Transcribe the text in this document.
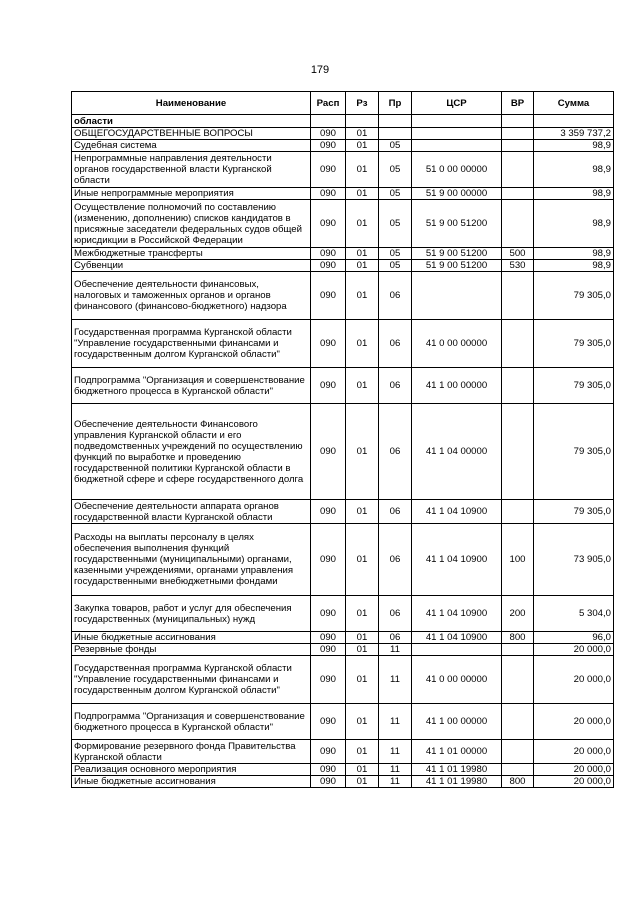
179
Наименование	Расп	Рз	Пр	ЦСР	ВР	Сумма
области						
ОБЩЕГОСУДАРСТВЕННЫЕ ВОПРОСЫ	090	01				3 359 737,2
Судебная система	090	01	05			98,9
Непрограммные направления деятельности органов государственной власти Курганской области	090	01	05	51 0 00 00000		98,9
Иные непрограммные мероприятия	090	01	05	51 9 00 00000		98,9
Осуществление полномочий по составлению (изменению, дополнению) списков кандидатов в присяжные заседатели федеральных судов общей юрисдикции в Российской Федерации	090	01	05	51 9 00 51200		98,9
Межбюджетные трансферты	090	01	05	51 9 00 51200	500	98,9
Субвенции	090	01	05	51 9 00 51200	530	98,9
Обеспечение деятельности финансовых, налоговых и таможенных органов и органов финансового (финансово-бюджетного) надзора	090	01	06			79 305,0
Государственная программа Курганской области "Управление государственными финансами и государственным долгом Курганской области"	090	01	06	41 0 00 00000		79 305,0
Подпрограмма "Организация и совершенствование бюджетного процесса в Курганской области"	090	01	06	41 1 00 00000		79 305,0
Обеспечение деятельности Финансового управления Курганской области и его подведомственных учреждений по осуществлению функций по выработке и проведению государственной политики Курганской области в бюджетной сфере и сфере государственного долга	090	01	06	41 1 04 00000		79 305,0
Обеспечение деятельности аппарата органов государственной власти Курганской области	090	01	06	41 1 04 10900		79 305,0
Расходы на выплаты персоналу в целях обеспечения выполнения функций государственными (муниципальными) органами, казенными учреждениями, органами управления государственными внебюджетными фондами	090	01	06	41 1 04 10900	100	73 905,0
Закупка товаров, работ и услуг для обеспечения государственных (муниципальных) нужд	090	01	06	41 1 04 10900	200	5 304,0
Иные бюджетные ассигнования	090	01	06	41 1 04 10900	800	96,0
Резервные фонды	090	01	11			20 000,0
Государственная программа Курганской области "Управление государственными финансами и государственным долгом Курганской области"	090	01	11	41 0 00 00000		20 000,0
Подпрограмма "Организация и совершенствование бюджетного процесса в Курганской области"	090	01	11	41 1 00 00000		20 000,0
Формирование резервного фонда Правительства Курганской области	090	01	11	41 1 01 00000		20 000,0
Реализация основного мероприятия	090	01	11	41 1 01 19980		20 000,0
Иные бюджетные ассигнования	090	01	11	41 1 01 19980	800	20 000,0
